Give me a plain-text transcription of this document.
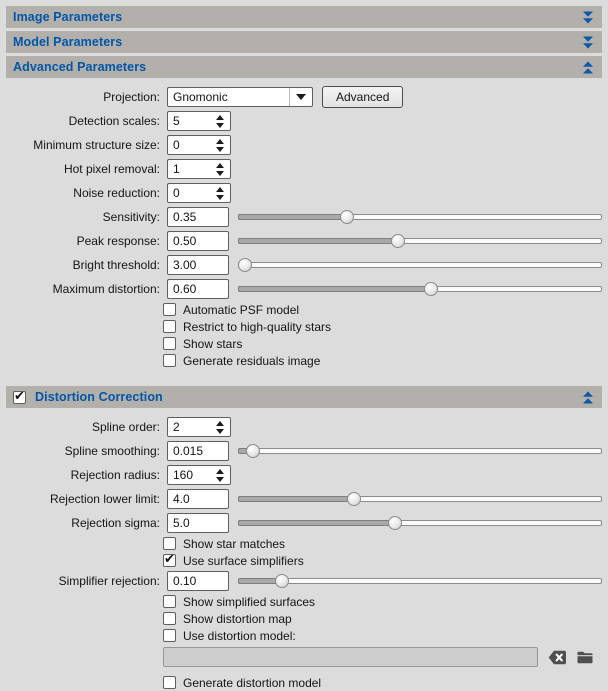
Image Parameters
Model Parameters
Advanced Parameters
Projection:	Gnomonic	Advanced
Detection scales:	5
Minimum structure size:	0
Hot pixel removal:	1
Noise reduction:	0
Sensitivity:	0.35
Peak response:	0.50
Bright threshold:	3.00
Maximum distortion:	0.60
Automatic PSF model
Restrict to high-quality stars
Show stars
Generate residuals image
✔
Distortion Correction
Spline order:	2
Spline smoothing:	0.015
Rejection radius:	160
Rejection lower limit:	4.0
Rejection sigma:	5.0
Show star matches
✔
Use surface simplifiers
Simplifier rejection:	0.10
Show simplified surfaces
Show distortion map
Use distortion model:
Generate distortion model
